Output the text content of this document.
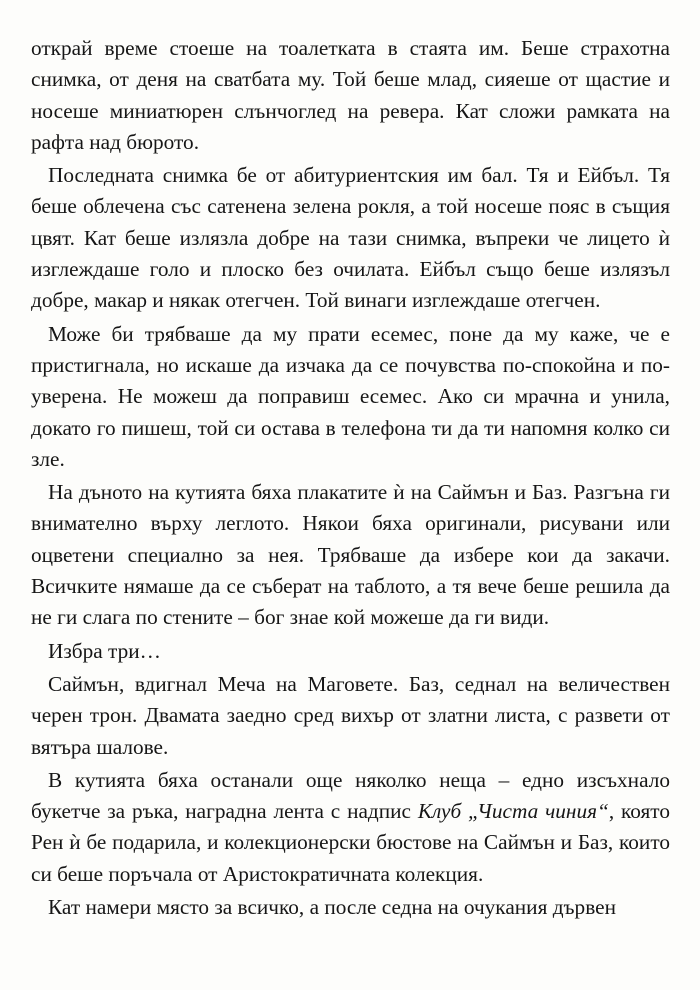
открай време стоеше на тоалетката в стаята им. Беше страхотна снимка, от деня на сватбата му. Той беше млад, сияеше от щастие и носеше миниатюрен слънчоглед на ревера. Кат сложи рамката на рафта над бюрото.

Последната снимка бе от абитуриентския им бал. Тя и Ейбъл. Тя беше облечена със сатенена зелена рокля, а той носеше пояс в същия цвят. Кат беше излязла добре на тази снимка, въпреки че лицето ѝ изглеждаше голо и плоско без очилата. Ейбъл също беше излязъл добре, макар и някак отегчен. Той винаги изглеждаше отегчен.

Може би трябваше да му прати есемес, поне да му каже, че е пристигнала, но искаше да изчака да се почувства по-спокойна и по-уверена. Не можеш да поправиш есемес. Ако си мрачна и унила, докато го пишеш, той си остава в телефона ти да ти напомня колко си зле.

На дъното на кутията бяха плакатите ѝ на Саймън и Баз. Разгъна ги внимателно върху леглото. Някои бяха оригинали, рисувани или оцветени специално за нея. Трябваше да избере кои да закачи. Всичките нямаше да се съберат на таблото, а тя вече беше решила да не ги слага по стените – бог знае кой можеше да ги види.

Избра три…

Саймън, вдигнал Меча на Маговете. Баз, седнал на величествен черен трон. Двамата заедно сред вихър от златни листа, с развети от вятъра шалове.

В кутията бяха останали още няколко неща – едно изсъхнало букетче за ръка, наградна лента с надпис Клуб „Чиста чиния“, която Рен ѝ бе подарила, и колекционерски бюстове на Саймън и Баз, които си беше поръчала от Аристократичната колекция.

Кат намери място за всичко, а после седна на очукания дървен
